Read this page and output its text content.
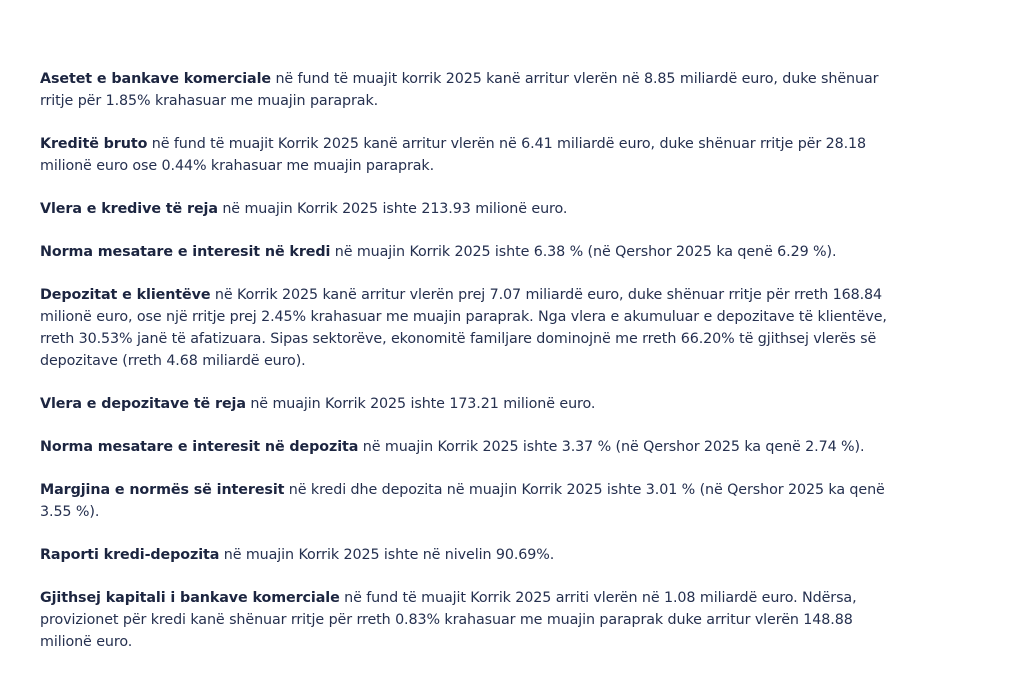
Asetet e bankave komerciale në fund të muajit korrik 2025 kanë arritur vlerën në 8.85 miliardë euro, duke shënuar rritje për 1.85% krahasuar me muajin paraprak.

Kreditë bruto në fund të muajit Korrik 2025 kanë arritur vlerën në 6.41 miliardë euro, duke shënuar rritje për 28.18 milionë euro ose 0.44% krahasuar me muajin paraprak.

Vlera e kredive të reja në muajin Korrik 2025 ishte 213.93 milionë euro.

Norma mesatare e interesit në kredi në muajin Korrik 2025 ishte 6.38 % (në Qershor 2025 ka qenë 6.29 %).

Depozitat e klientëve në Korrik 2025 kanë arritur vlerën prej 7.07 miliardë euro, duke shënuar rritje për rreth 168.84 milionë euro, ose një rritje prej 2.45% krahasuar me muajin paraprak. Nga vlera e akumuluar e depozitave të klientëve, rreth 30.53% janë të afatizuara. Sipas sektorëve, ekonomitë familjare dominojnë me rreth 66.20% të gjithsej vlerës së depozitave (rreth 4.68 miliardë euro).

Vlera e depozitave të reja në muajin Korrik 2025 ishte 173.21 milionë euro.

Norma mesatare e interesit në depozita në muajin Korrik 2025 ishte 3.37 % (në Qershor 2025 ka qenë 2.74 %).

Margjina e normës së interesit në kredi dhe depozita në muajin Korrik 2025 ishte 3.01 % (në Qershor 2025 ka qenë 3.55 %).

Raporti kredi-depozita në muajin Korrik 2025 ishte në nivelin 90.69%.

Gjithsej kapitali i bankave komerciale në fund të muajit Korrik 2025 arriti vlerën në 1.08 miliardë euro. Ndërsa, provizionet për kredi kanë shënuar rritje për rreth 0.83% krahasuar me muajin paraprak duke arritur vlerën 148.88 milionë euro.
